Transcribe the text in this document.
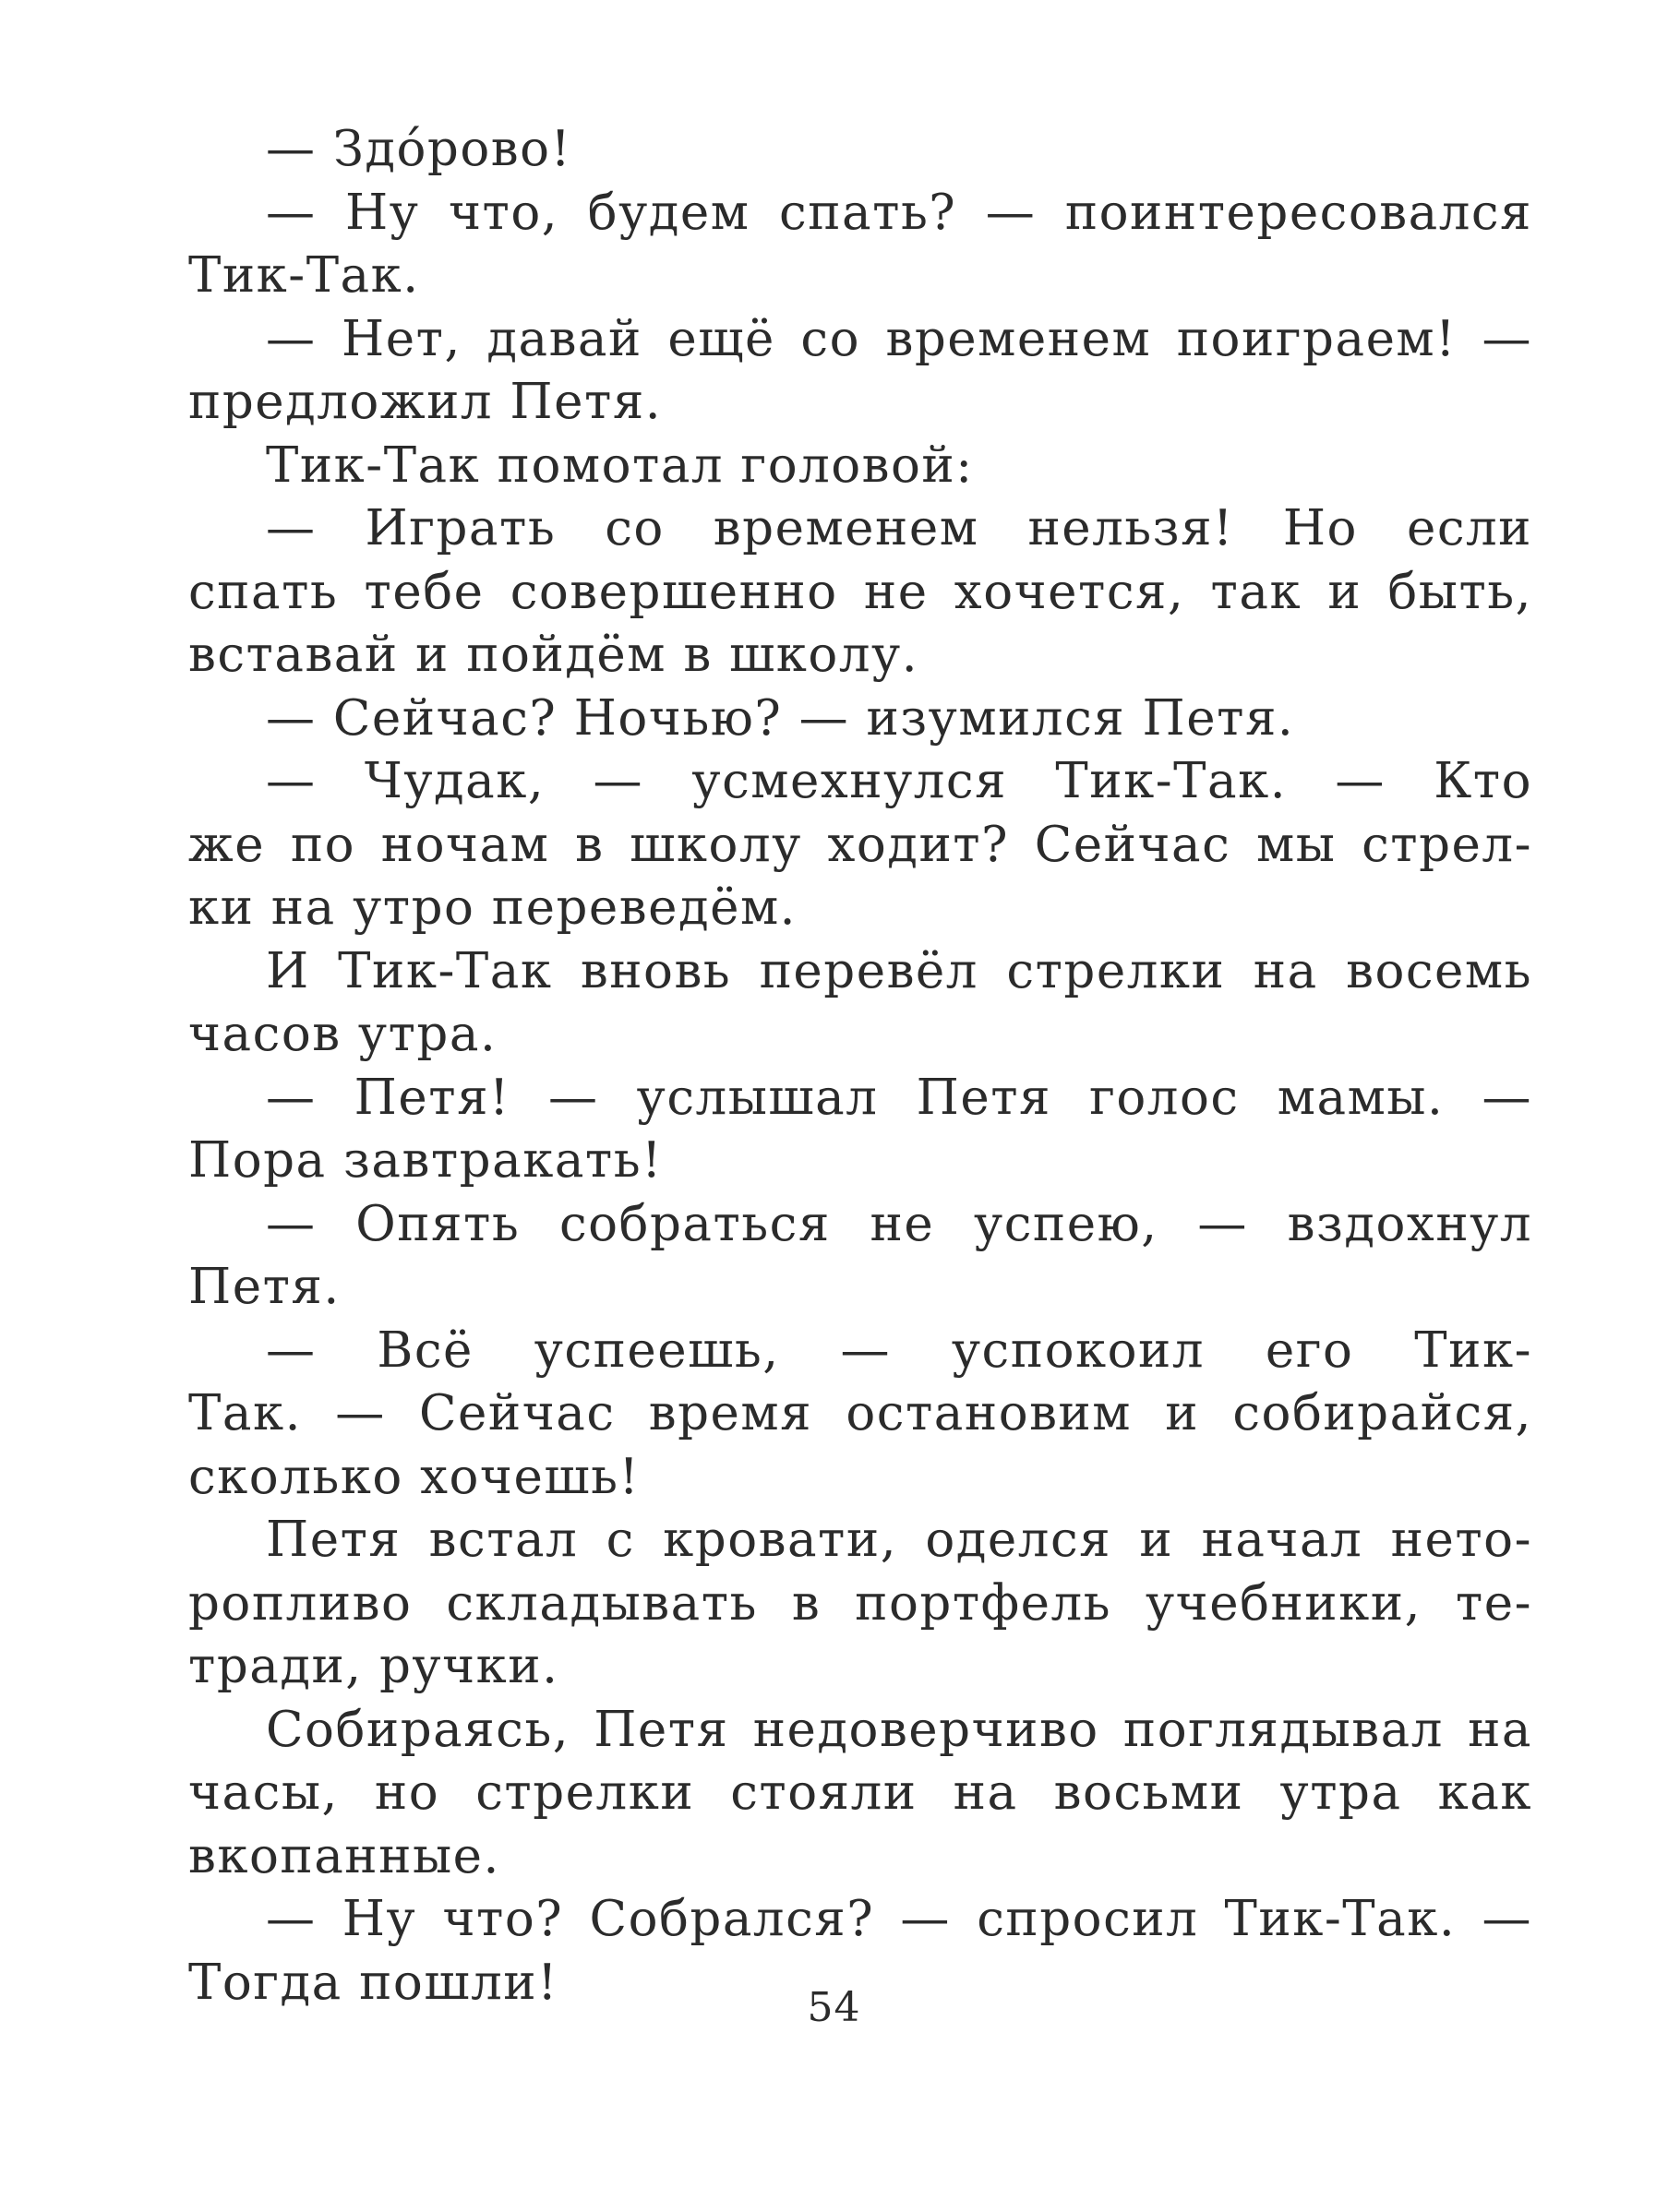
— Здóрово!
— Ну что, будем спать? — поинтересовался
Тик-Так.
— Нет, давай ещё со временем поиграем! —
предложил Петя.
Тик-Так помотал головой:
— Играть со временем нельзя! Но если
спать тебе совершенно не хочется, так и быть,
вставай и пойдём в школу.
— Сейчас? Ночью? — изумился Петя.
— Чудак, — усмехнулся Тик-Так. — Кто
же по ночам в школу ходит? Сейчас мы стрел-
ки на утро переведём.
И Тик-Так вновь перевёл стрелки на восемь
часов утра.
— Петя! — услышал Петя голос мамы. —
Пора завтракать!
— Опять собраться не успею, — вздохнул
Петя.
— Всё успеешь, — успокоил его Тик-
Так. — Сейчас время остановим и собирайся,
сколько хочешь!
Петя встал с кровати, оделся и начал нето-
ропливо складывать в портфель учебники, те-
тради, ручки.
Собираясь, Петя недоверчиво поглядывал на
часы, но стрелки стояли на восьми утра как
вкопанные.
— Ну что? Собрался? — спросил Тик-Так. —
Тогда пошли!	54
